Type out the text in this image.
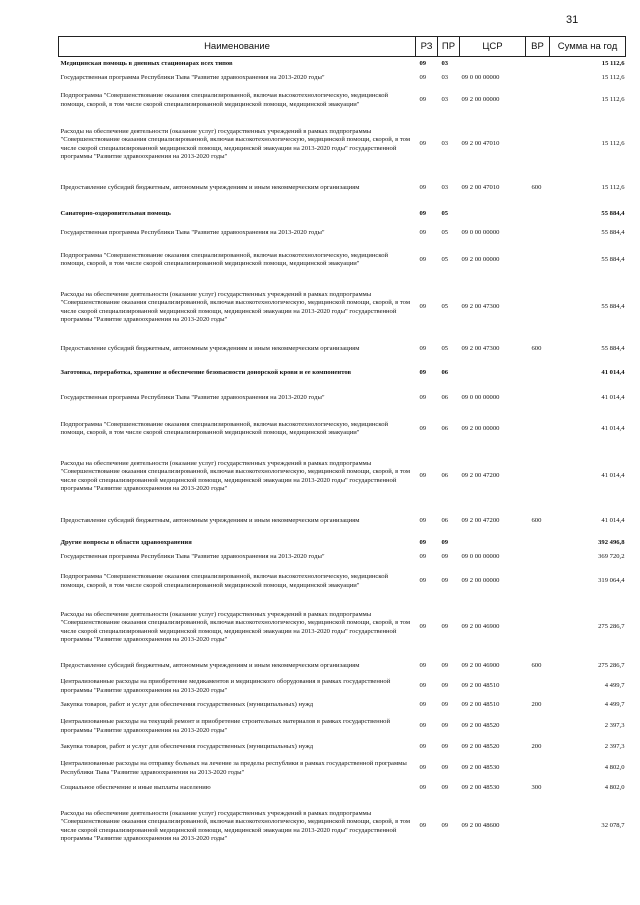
31
Наименование	РЗ	ПР	ЦСР	ВР	Сумма на год
Медицинская помощь в дневных стационарах всех типов	09	03			15 112,6
Государственная программа Республики Тыва "Развитие здравоохранения на 2013-2020 годы"	09	03	09 0 00 00000		15 112,6
Подпрограмма "Совершенствование оказания специализированной, включая высокотехнологическую, медицинской помощи, скорой, в том числе скорой специализированной медицинской помощи, медицинской эвакуации"	09	03	09 2 00 00000		15 112,6
Расходы на обеспечение деятельности (оказание услуг) государственных учреждений в рамках подпрограммы "Совершенствование оказания специализированной, включая высокотехнологическую, медицинской помощи, скорой, в том числе скорой специализированной медицинской помощи, медицинской эвакуации на 2013-2020 годы" государственной программы "Развитие здравоохранения на 2013-2020 годы"	09	03	09 2 00 47010		15 112,6
Предоставление субсидий бюджетным, автономным учреждениям и иным некоммерческим организациям	09	03	09 2 00 47010	600	15 112,6
Санаторно-оздоровительная помощь	09	05			55 884,4
Государственная программа Республики Тыва "Развитие здравоохранения на 2013-2020 годы"	09	05	09 0 00 00000		55 884,4
Подпрограмма "Совершенствование оказания специализированной, включая высокотехнологическую, медицинской помощи, скорой, в том числе скорой специализированной медицинской помощи, медицинской эвакуации"	09	05	09 2 00 00000		55 884,4
Расходы на обеспечение деятельности (оказание услуг) государственных учреждений в рамках подпрограммы "Совершенствование оказания специализированной, включая высокотехнологическую, медицинской помощи, скорой, в том числе скорой специализированной медицинской помощи, медицинской эвакуации на 2013-2020 годы" государственной программы "Развитие здравоохранения на 2013-2020 годы"	09	05	09 2 00 47300		55 884,4
Предоставление субсидий бюджетным, автономным учреждениям и иным некоммерческим организациям	09	05	09 2 00 47300	600	55 884,4
Заготовка, переработка, хранение и обеспечение безопасности донорской крови и ее компонентов	09	06			41 014,4
Государственная программа Республики Тыва "Развитие здравоохранения на 2013-2020 годы"	09	06	09 0 00 00000		41 014,4
Подпрограмма "Совершенствование оказания специализированной, включая высокотехнологическую, медицинской помощи, скорой, в том числе скорой специализированной медицинской помощи, медицинской эвакуации"	09	06	09 2 00 00000		41 014,4
Расходы на обеспечение деятельности (оказание услуг) государственных учреждений в рамках подпрограммы "Совершенствование оказания специализированной, включая высокотехнологическую, медицинской помощи, скорой, в том числе скорой специализированной медицинской помощи, медицинской эвакуации на 2013-2020 годы" государственной программы "Развитие здравоохранения на 2013-2020 годы"	09	06	09 2 00 47200		41 014,4
Предоставление субсидий бюджетным, автономным учреждениям и иным некоммерческим организациям	09	06	09 2 00 47200	600	41 014,4
Другие вопросы в области здравоохранения	09	09			392 496,8
Государственная программа Республики Тыва "Развитие здравоохранения на 2013-2020 годы"	09	09	09 0 00 00000		369 720,2
Подпрограмма "Совершенствование оказания специализированной, включая высокотехнологическую, медицинской помощи, скорой, в том числе скорой специализированной медицинской помощи, медицинской эвакуации"	09	09	09 2 00 00000		319 064,4
Расходы на обеспечение деятельности (оказание услуг) государственных учреждений в рамках подпрограммы "Совершенствование оказания специализированной, включая высокотехнологическую, медицинской помощи, скорой, в том числе скорой специализированной медицинской помощи, медицинской эвакуации на 2013-2020 годы" государственной программы "Развитие здравоохранения на 2013-2020 годы"	09	09	09 2 00 46900		275 286,7
Предоставление субсидий бюджетным, автономным учреждениям и иным некоммерческим организациям	09	09	09 2 00 46900	600	275 286,7
Централизованные расходы на приобретение медикаментов и медицинского оборудования в рамках государственной программы "Развитие здравоохранения на 2013-2020 годы"	09	09	09 2 00 48510		4 499,7
Закупка товаров, работ и услуг для обеспечения государственных (муниципальных) нужд	09	09	09 2 00 48510	200	4 499,7
Централизованные расходы на текущий ремонт и приобретение строительных материалов в рамках государственной программы "Развитие здравоохранения на 2013-2020 годы"	09	09	09 2 00 48520		2 397,3
Закупка товаров, работ и услуг для обеспечения государственных (муниципальных) нужд	09	09	09 2 00 48520	200	2 397,3
Централизованные расходы на отправку больных на лечение за пределы республики в рамках государственной программы Республики Тыва "Развитие здравоохранения на 2013-2020 годы"	09	09	09 2 00 48530		4 802,0
Социальное обеспечение и иные выплаты населению	09	09	09 2 00 48530	300	4 802,0
Расходы на обеспечение деятельности (оказание услуг) государственных учреждений в рамках подпрограммы "Совершенствование оказания специализированной, включая высокотехнологическую, медицинской помощи, скорой, в том числе скорой специализированной медицинской помощи, медицинской эвакуации на 2013-2020 годы" государственной программы "Развитие здравоохранения на 2013-2020 годы"	09	09	09 2 00 48600		32 078,7
